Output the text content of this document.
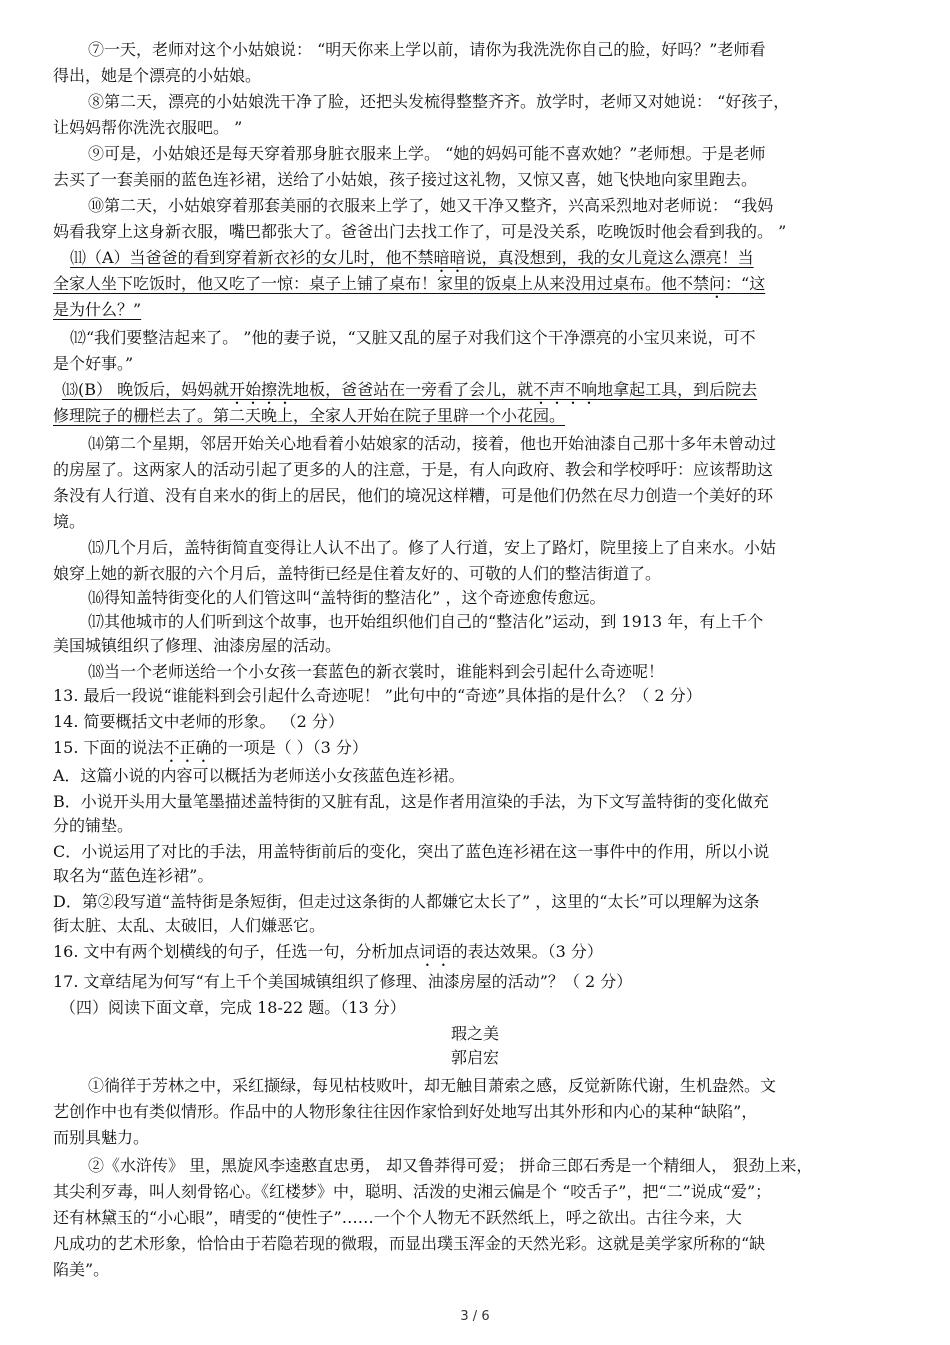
⑦一天，老师对这个小姑娘说： “明天你来上学以前，请你为我洗洗你自己的脸，好吗？”老师看
得出，她是个漂亮的小姑娘。
⑧第二天，漂亮的小姑娘洗干净了脸，还把头发梳得整整齐齐。放学时，老师又对她说： “好孩子，
让妈妈帮你洗洗衣服吧。 ”
⑨可是，小姑娘还是每天穿着那身脏衣服来上学。 “她的妈妈可能不喜欢她？”老师想。于是老师
去买了一套美丽的蓝色连衫裙，送给了小姑娘，孩子接过这礼物，又惊又喜，她飞快地向家里跑去。
⑩第二天，小姑娘穿着那套美丽的衣服来上学了，她又干净又整齐，兴高采烈地对老师说： “我妈
妈看我穿上这身新衣服，嘴巴都张大了。爸爸出门去找工作了，可是没关系，吃晚饭时他会看到我的。 ”
⑾（A）当爸爸的看到穿着新衣衫的女儿时，他不禁暗暗说，真没想到，我的女儿竟这么漂亮！当
全家人坐下吃饭时，他又吃了一惊：桌子上铺了桌布！家里的饭桌上从来没用过桌布。他不禁问：“这
是为什么？”
⑿“我们要整洁起来了。 ”他的妻子说，“又脏又乱的屋子对我们这个干净漂亮的小宝贝来说，可不
是个好事。”
⒀(B） 晚饭后，妈妈就开始擦洗地板，爸爸站在一旁看了会儿，就不声不响地拿起工具，到后院去
修理院子的栅栏去了。第二天晚上，全家人开始在院子里辟一个小花园。
⒁第二个星期，邻居开始关心地看着小姑娘家的活动，接着，他也开始油漆自己那十多年未曾动过
的房屋了。这两家人的活动引起了更多的人的注意，于是，有人向政府、教会和学校呼吁：应该帮助这
条没有人行道、没有自来水的街上的居民，他们的境况这样糟，可是他们仍然在尽力创造一个美好的环
境。
⒂几个月后，盖特街简直变得让人认不出了。修了人行道，安上了路灯，院里接上了自来水。小姑
娘穿上她的新衣服的六个月后，盖特街已经是住着友好的、可敬的人们的整洁街道了。
⒃得知盖特街变化的人们管这叫“盖特街的整洁化” ，这个奇迹愈传愈远。
⒄其他城市的人们听到这个故事，也开始组织他们自己的“整洁化”运动，到 1913 年，有上千个
美国城镇组织了修理、油漆房屋的活动。
⒅当一个老师送给一个小女孩一套蓝色的新衣裳时，谁能料到会引起什么奇迹呢！
13. 最后一段说“谁能料到会引起什么奇迹呢！ ”此句中的“奇迹”具体指的是什么？（ 2 分）
14. 简要概括文中老师的形象。 （2 分）
15. 下面的说法不正确的一项是（ ）（3 分）
A．这篇小说的内容可以概括为老师送小女孩蓝色连衫裙。
B．小说开头用大量笔墨描述盖特街的又脏有乱，这是作者用渲染的手法，为下文写盖特街的变化做充
分的铺垫。
C．小说运用了对比的手法，用盖特街前后的变化，突出了蓝色连衫裙在这一事件中的作用，所以小说
取名为“蓝色连衫裙”。
D．第②段写道“盖特街是条短街，但走过这条街的人都嫌它太长了” ，这里的“太长”可以理解为这条
街太脏、太乱、太破旧，人们嫌恶它。
16. 文中有两个划横线的句子，任选一句，分析加点词语的表达效果。（3 分）
17. 文章结尾为何写“有上千个美国城镇组织了修理、油漆房屋的活动”？（ 2 分）
（四）阅读下面文章，完成 18-22 题。（13 分）
瑕之美
郭启宏
①徜徉于芳林之中，采红撷绿，每见枯枝败叶，却无触目萧索之感，反觉新陈代谢，生机盎然。文
艺创作中也有类似情形。作品中的人物形象往往因作家恰到好处地写出其外形和内心的某种“缺陷”，
而别具魅力。
②《水浒传》 里，黑旋风李逵憨直忠勇， 却又鲁莽得可爱； 拼命三郎石秀是一个精细人， 狠劲上来，
其尖利歹毒，叫人刻骨铭心。《红楼梦》中，聪明、活泼的史湘云偏是个 “咬舌子”，把“二”说成“爱”；
还有林黛玉的“小心眼”，晴雯的“使性子”……一个个人物无不跃然纸上，呼之欲出。古往今来，大
凡成功的艺术形象，恰恰由于若隐若现的微瑕，而显出璞玉浑金的天然光彩。这就是美学家所称的“缺
陷美”。
3 / 6
